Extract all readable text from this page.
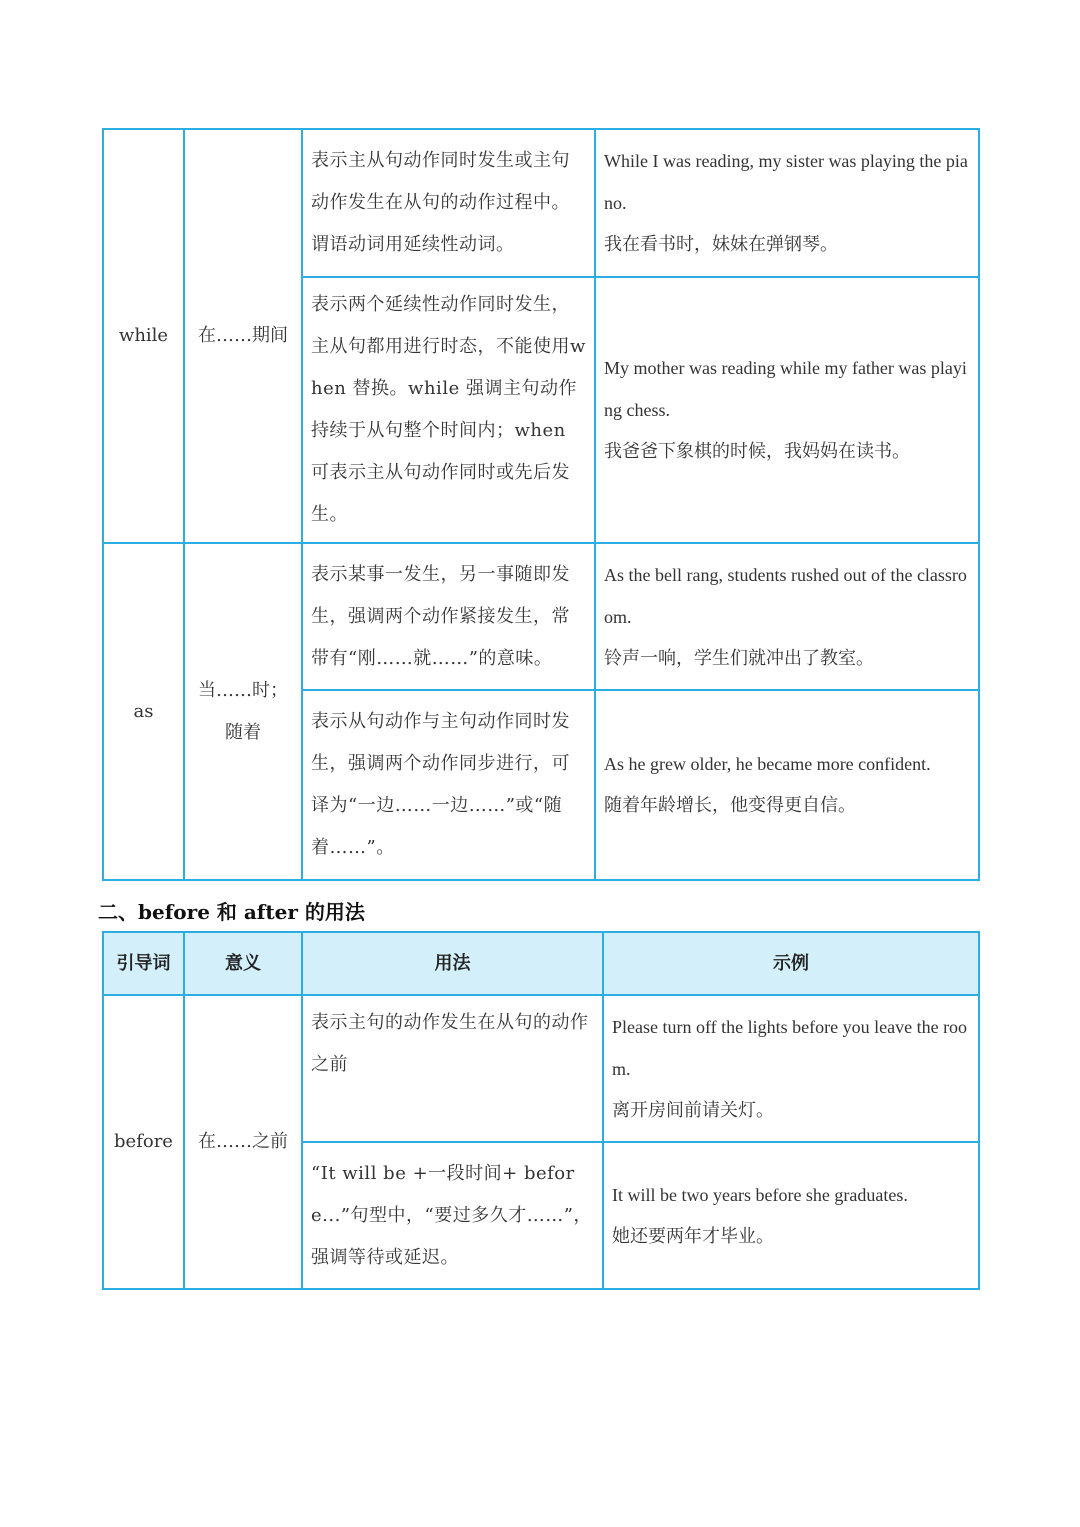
while	在……期间	表示主从句动作同时发生或主句动作发生在从句的动作过程中。谓语动词用延续性动词。	While I was reading, my sister was playing the piano.
我在看书时，妹妹在弹钢琴。

		表示两个延续性动作同时发生，主从句都用进行时态，不能使用when 替换。while 强调主句动作持续于从句整个时间内；when 可表示主从句动作同时或先后发生。	My mother was reading while my father was playing chess.
我爸爸下象棋的时候，我妈妈在读书。

as	当……时；随着	表示某事一发生，另一事随即发生，强调两个动作紧接发生，常带有“刚……就……”的意味。	As the bell rang, students rushed out of the classroom.
铃声一响，学生们就冲出了教室。

		表示从句动作与主句动作同时发生，强调两个动作同步进行，可译为“一边……一边……”或“随着……”。	As he grew older, he became more confident.
随着年龄增长，他变得更自信。
二、before 和 after 的用法
引导词	意义	用法	示例
before	在……之前	表示主句的动作发生在从句的动作之前	Please turn off the lights before you leave the room.
离开房间前请关灯。

		“It will be +一段时间+ before...”句型中，“要过多久才……”，强调等待或延迟。	It will be two years before she graduates.
她还要两年才毕业。
